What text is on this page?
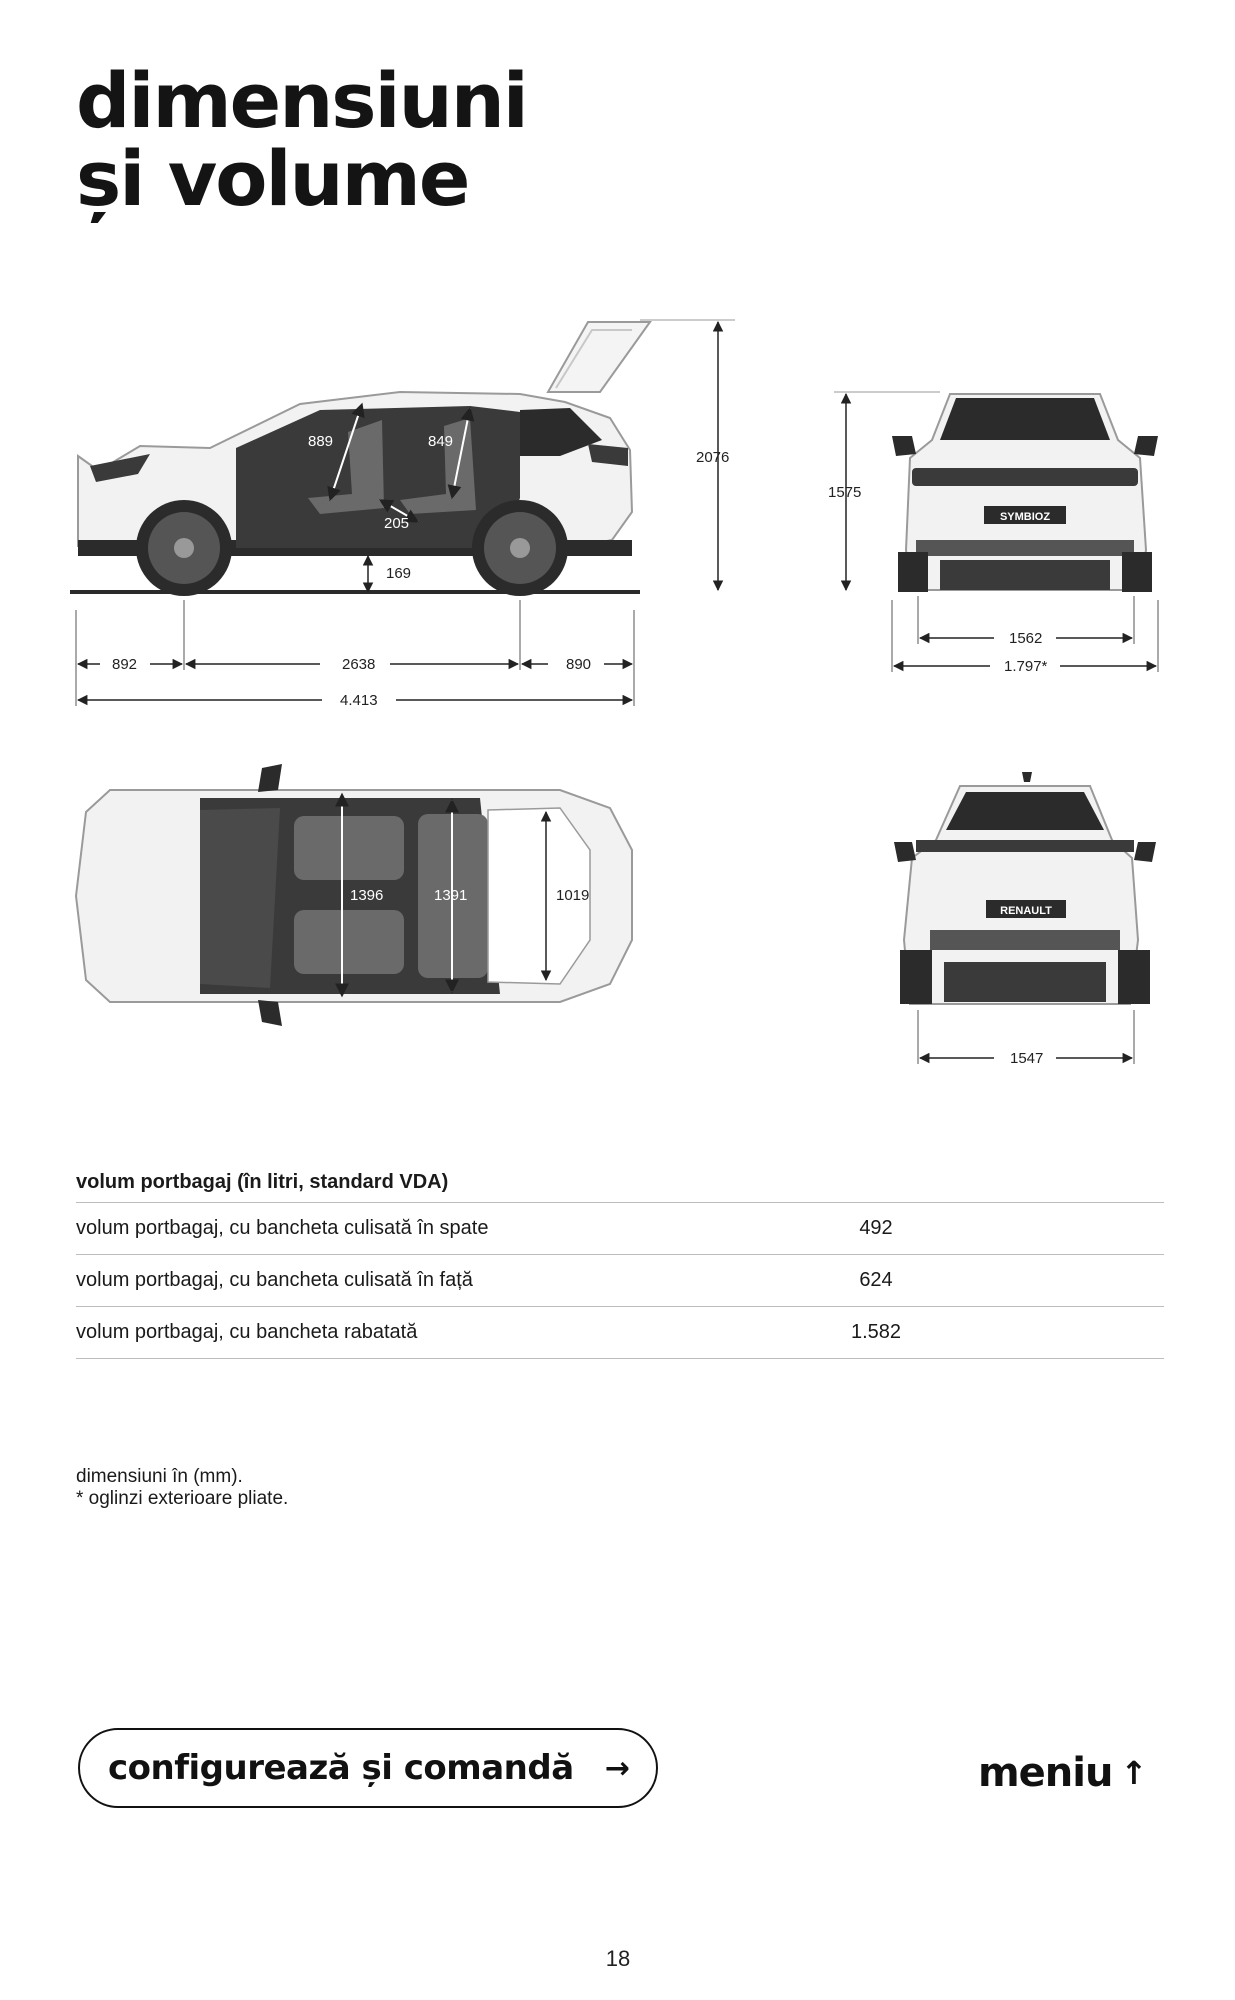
dimensiuni
și volume
889	849
205
169
2076
892	2638	890
4.413
SYMBIOZ
1575
1562
1.797*
1396	1391	1019
RENAULT
1547
volum portbagaj (în litri, standard VDA)
volum portbagaj, cu bancheta culisată în spate	492
volum portbagaj, cu bancheta culisată în față	624
volum portbagaj, cu bancheta rabatată	1.582
dimensiuni în (mm).
* oglinzi exterioare pliate.
configurează și comandă →	meniu ↑
18
